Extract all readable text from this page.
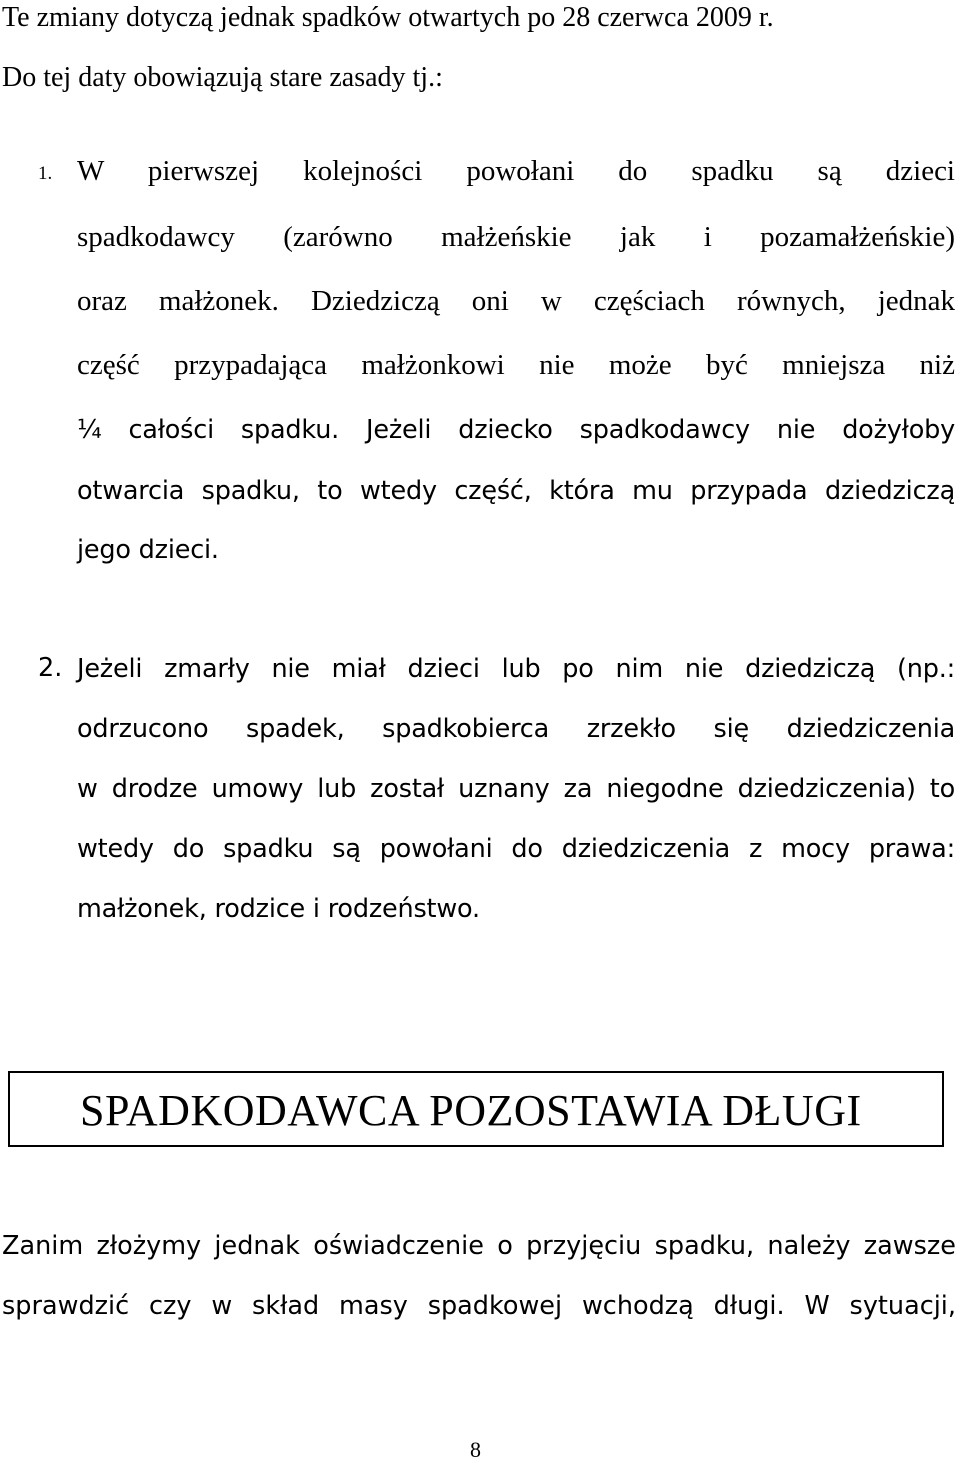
Te zmiany dotyczą jednak spadków otwartych po 28 czerwca 2009 r.
Do tej daty obowiązują stare zasady tj.:
1. W pierwszej kolejności powołani do spadku są dzieci
spadkodawcy (zarówno małżeńskie jak i pozamałżeńskie)
oraz małżonek. Dziedziczą oni w częściach równych, jednak
część przypadająca małżonkowi nie może być mniejsza niż
¼ całości spadku. Jeżeli dziecko spadkodawcy nie dożyłoby
otwarcia spadku, to wtedy część, która mu przypada dziedziczą
jego dzieci.
2. Jeżeli zmarły nie miał dzieci lub po nim nie dziedziczą (np.:
odrzucono spadek, spadkobierca zrzekło się dziedziczenia
w drodze umowy lub został uznany za niegodne dziedziczenia) to
wtedy do spadku są powołani do dziedziczenia z mocy prawa:
małżonek, rodzice i rodzeństwo.
SPADKODAWCA POZOSTAWIA DŁUGI
Zanim złożymy jednak oświadczenie o przyjęciu spadku, należy zawsze
sprawdzić czy w skład masy spadkowej wchodzą długi. W sytuacji,
8
